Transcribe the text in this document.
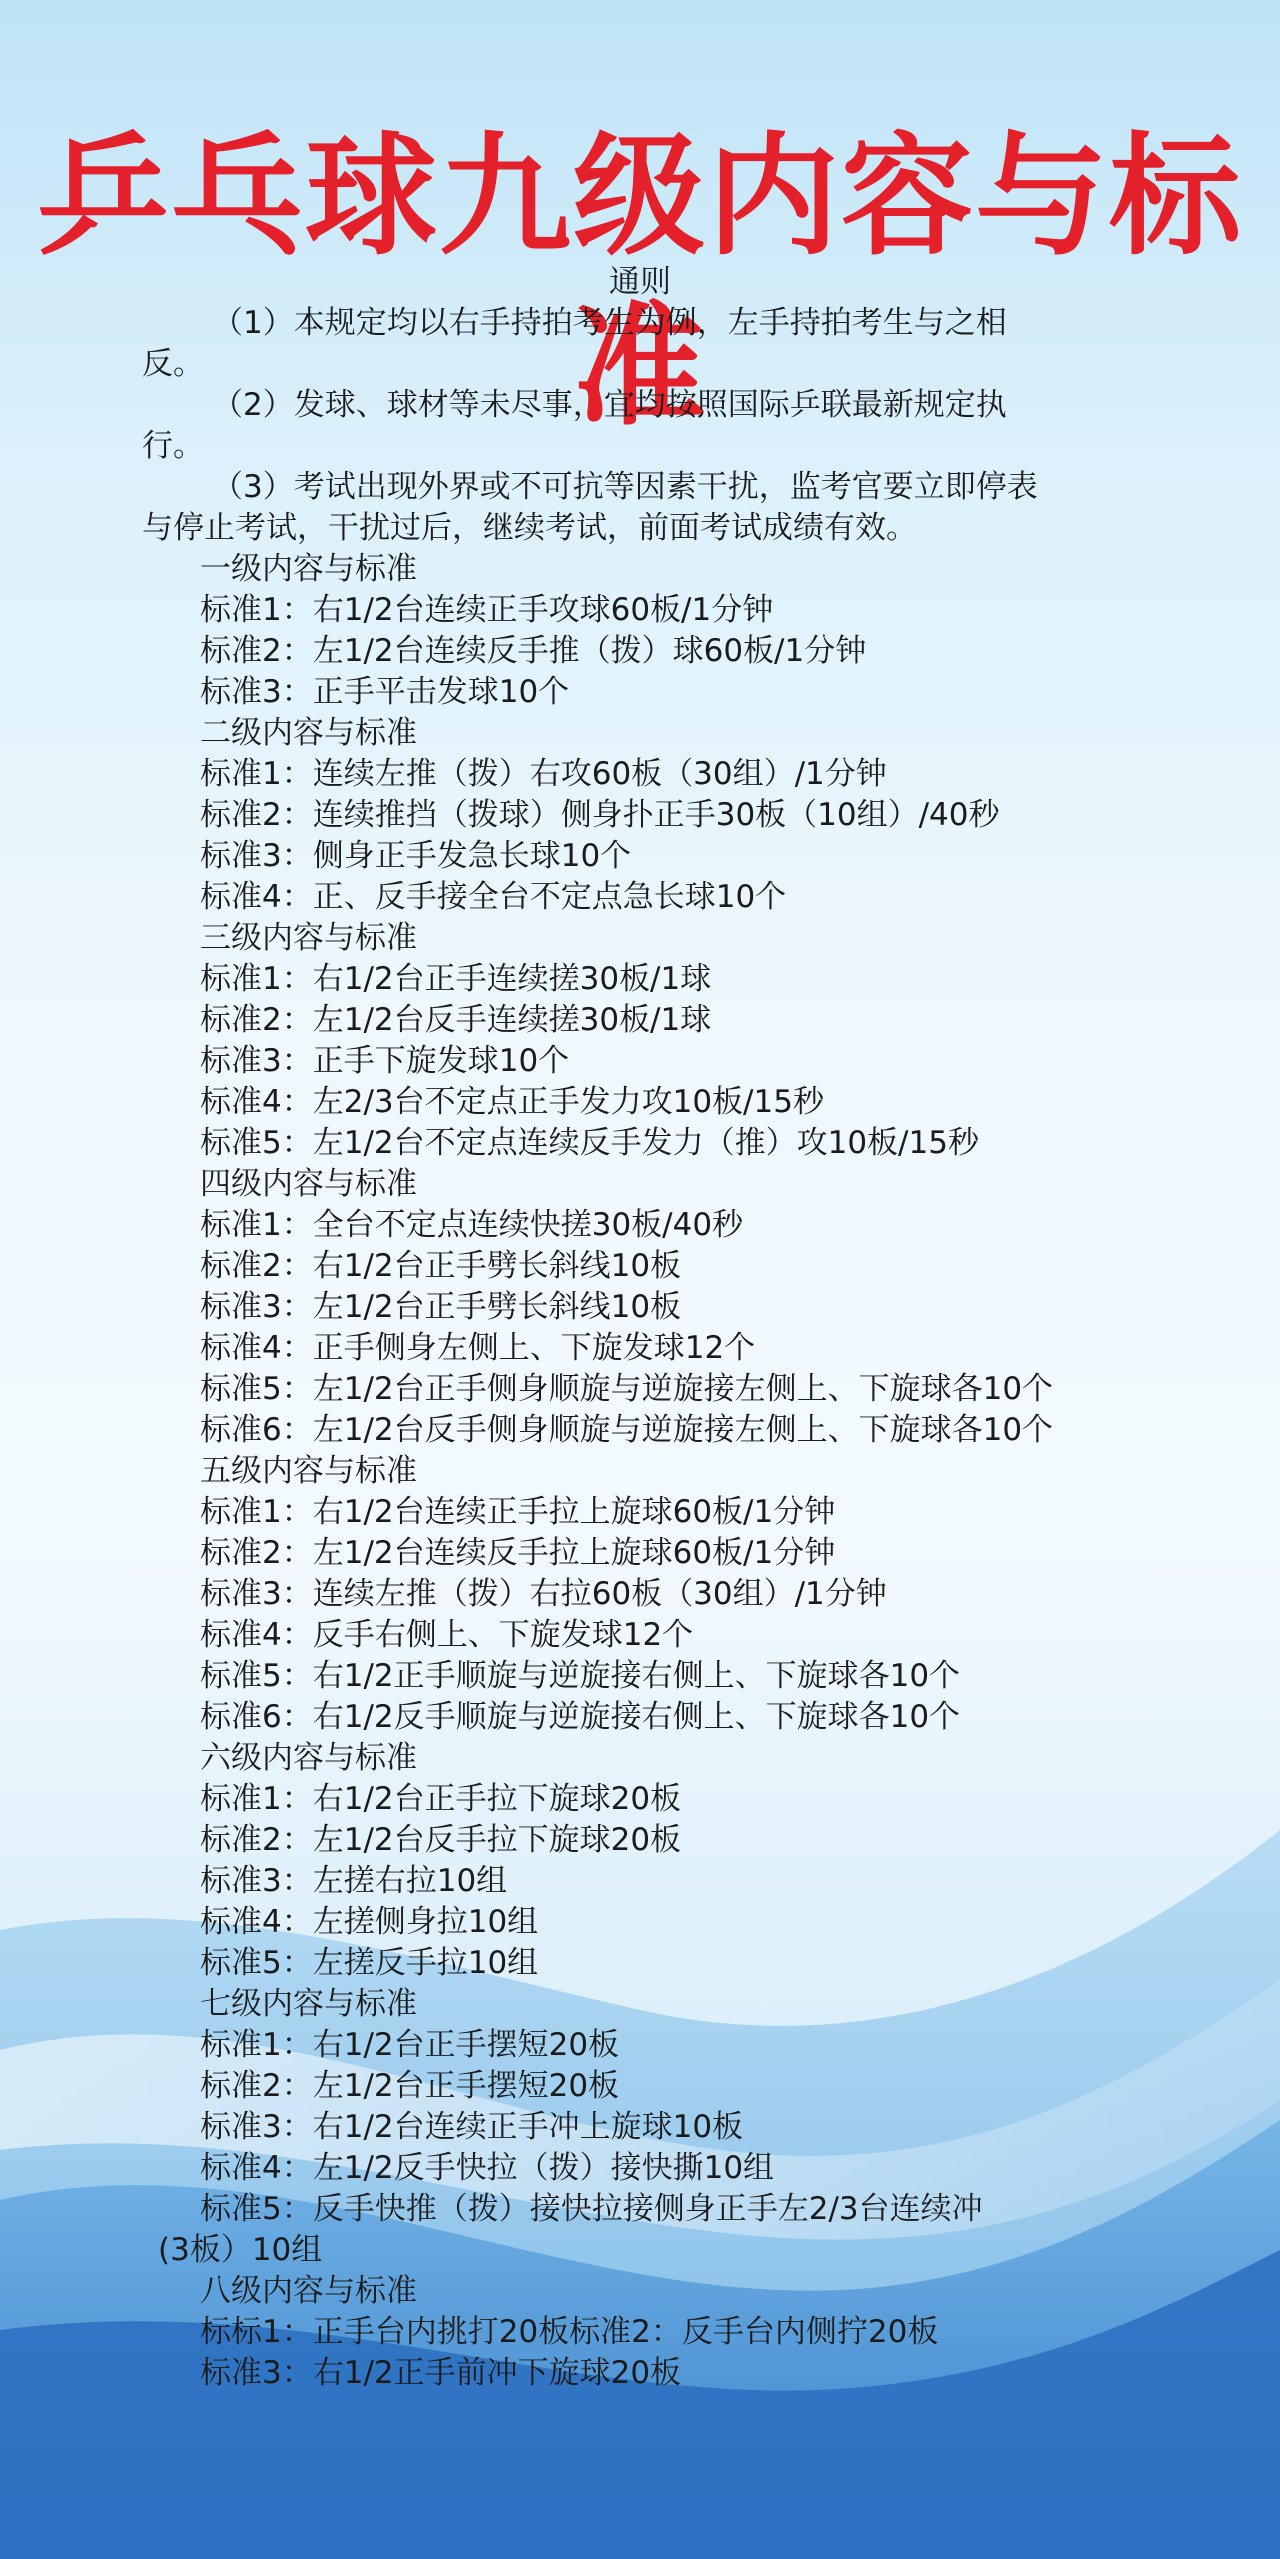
乒乓球九级内容与标准
通则
（1）本规定均以右手持拍考生为例，左手持拍考生与之相
反。
（2）发球、球材等未尽事，宜均按照国际乒联最新规定执
行。
（3）考试出现外界或不可抗等因素干扰，监考官要立即停表
与停止考试，干扰过后，继续考试，前面考试成绩有效。
一级内容与标准
标准1：右1/2台连续正手攻球60板/1分钟
标准2：左1/2台连续反手推（拨）球60板/1分钟
标准3：正手平击发球10个
二级内容与标准
标准1：连续左推（拨）右攻60板（30组）/1分钟
标准2：连续推挡（拨球）侧身扑正手30板（10组）/40秒
标准3：侧身正手发急长球10个
标准4：正、反手接全台不定点急长球10个
三级内容与标准
标准1：右1/2台正手连续搓30板/1球
标准2：左1/2台反手连续搓30板/1球
标准3：正手下旋发球10个
标准4：左2/3台不定点正手发力攻10板/15秒
标准5：左1/2台不定点连续反手发力（推）攻10板/15秒
四级内容与标准
标准1：全台不定点连续快搓30板/40秒
标准2：右1/2台正手劈长斜线10板
标准3：左1/2台正手劈长斜线10板
标准4：正手侧身左侧上、下旋发球12个
标准5：左1/2台正手侧身顺旋与逆旋接左侧上、下旋球各10个
标准6：左1/2台反手侧身顺旋与逆旋接左侧上、下旋球各10个
五级内容与标准
标准1：右1/2台连续正手拉上旋球60板/1分钟
标准2：左1/2台连续反手拉上旋球60板/1分钟
标准3：连续左推（拨）右拉60板（30组）/1分钟
标准4：反手右侧上、下旋发球12个
标准5：右1/2正手顺旋与逆旋接右侧上、下旋球各10个
标准6：右1/2反手顺旋与逆旋接右侧上、下旋球各10个
六级内容与标准
标准1：右1/2台正手拉下旋球20板
标准2：左1/2台反手拉下旋球20板
标准3：左搓右拉10组
标准4：左搓侧身拉10组
标准5：左搓反手拉10组
七级内容与标准
标准1：右1/2台正手摆短20板
标准2：左1/2台正手摆短20板
标准3：右1/2台连续正手冲上旋球10板
标准4：左1/2反手快拉（拨）接快撕10组
标准5：反手快推（拨）接快拉接侧身正手左2/3台连续冲
(3板）10组
八级内容与标准
标标1：正手台内挑打20板标准2：反手台内侧拧20板
标准3：右1/2正手前冲下旋球20板
